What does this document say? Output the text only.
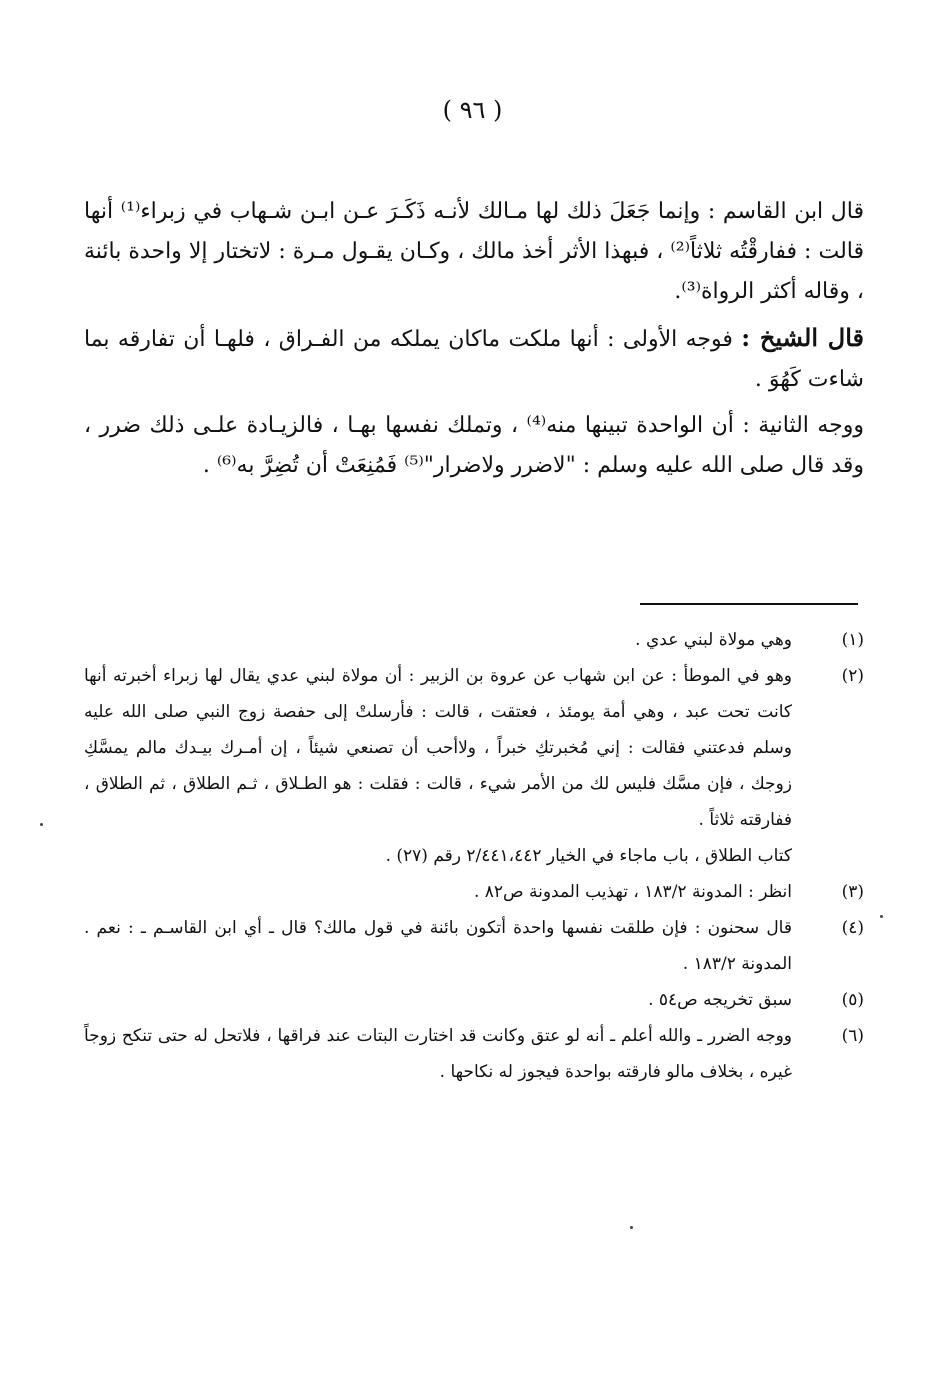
( ٩٦ )

قال ابن القاسم : وإنما جَعَلَ ذلك لها مـالك لأنـه ذَكَـرَ عـن ابـن شـهاب في زبراء⁽¹⁾ أنها قالت : ففارقْتُه ثلاثاً⁽²⁾ ، فبهذا الأثر أخذ مالك ، وكـان يقـول مـرة : لاتختار إلا واحدة بائنة ، وقاله أكثر الرواة⁽³⁾.

قال الشيخ : فوجه الأولى : أنها ملكت ماكان يملكه من الفـراق ، فلهـا أن تفارقه بما شاءت كَهُوَ .

ووجه الثانية : أن الواحدة تبينها منه⁽⁴⁾ ، وتملك نفسها بهـا ، فالزيـادة علـى ذلك ضرر ، وقد قال صلى الله عليه وسلم : "لاضرر ولاضرار"⁽⁵⁾ فَمُنِعَتْ أن تُضِرَّ به⁽⁶⁾ .

(١)
وهي مولاة لبني عدي .
(٢)
وهو في الموطأ : عن ابن شهاب عن عروة بن الزبير : أن مولاة لبني عدي يقال لها زبراء أخبرته أنها كانت تحت عبد ، وهي أمة يومئذ ، فعتقت ، قالت : فأرسلتْ إلى حفصة زوج النبي صلى الله عليه وسلم فدعتني فقالت : إني مُخبرتكِ خبراً ، ولاأحب أن تصنعي شيئاً ، إن أمـرك بيـدك مالم يمسَّكِ زوجك ، فإن مسَّك فليس لك من الأمر شيء ، قالت : فقلت : هو الطـلاق ، ثـم الطلاق ، ثم الطلاق ، ففارقته ثلاثاً .
كتاب الطلاق ، باب ماجاء في الخيار ٢/٤٤١،٤٤٢ رقم (٢٧) .
(٣)
انظر : المدونة ١٨٣/٢ ، تهذيب المدونة ص٨٢ .
(٤)
قال سحنون : فإن طلقت نفسها واحدة أتكون بائنة في قول مالك؟ قال ـ أي ابن القاسـم ـ : نعم . المدونة ١٨٣/٢ .
(٥)
سبق تخريجه ص٥٤ .
(٦)
ووجه الضرر ـ والله أعلم ـ أنه لو عتق وكانت قد اختارت البتات عند فراقها ، فلاتحل له حتى تنكح زوجاً غيره ، بخلاف مالو فارقته بواحدة فيجوز له نكاحها .
